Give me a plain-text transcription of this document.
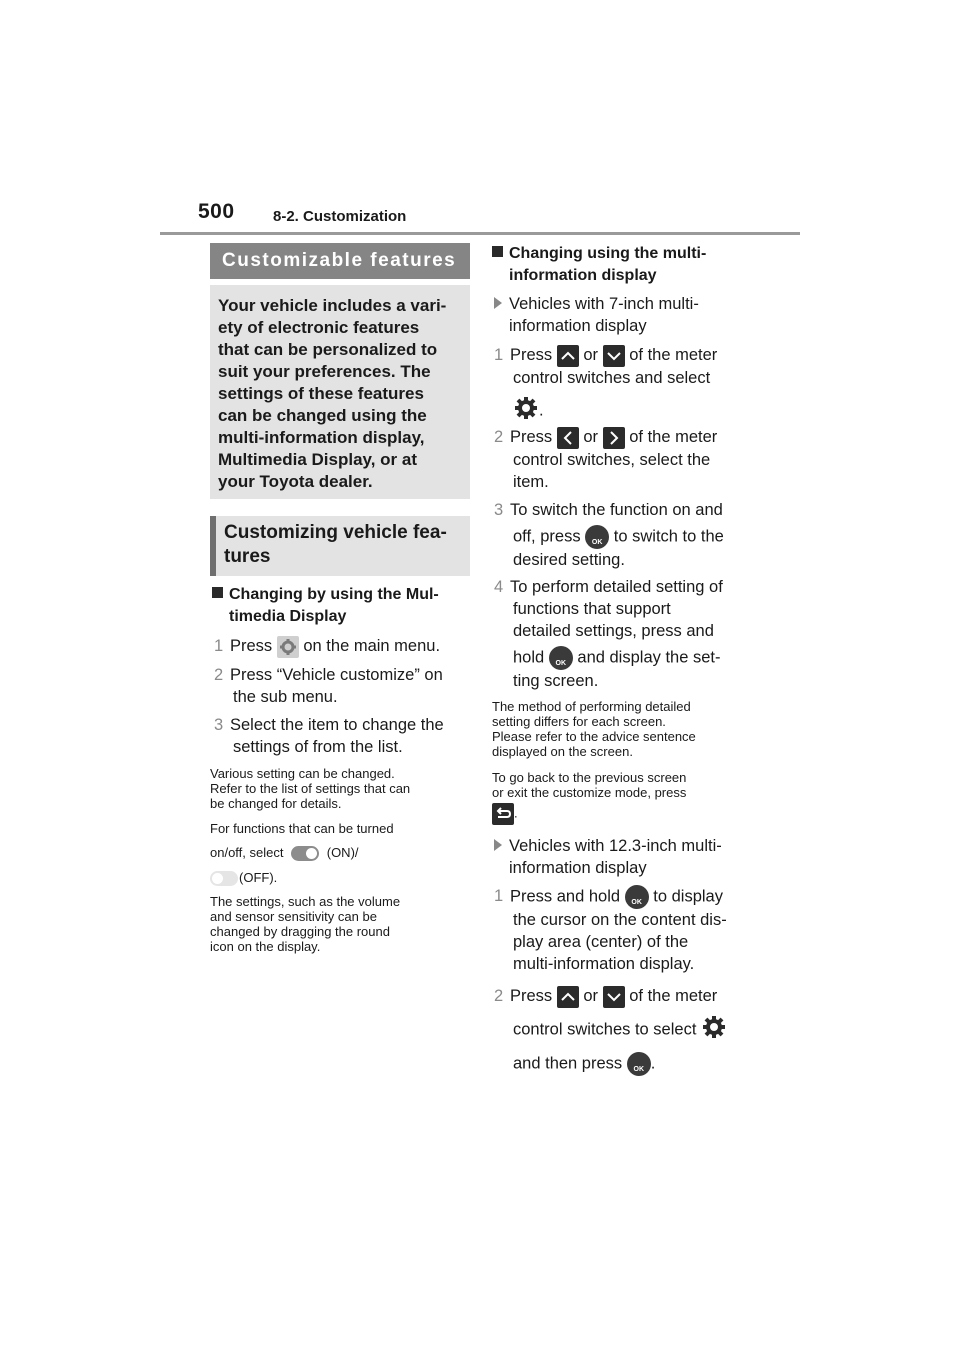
500	8-2. Customization
Customizable features
Your vehicle includes a vari-
ety of electronic features
that can be personalized to
suit your preferences. The
settings of these features
can be changed using the
multi-information display,
Multimedia Display, or at
your Toyota dealer.
Customizing vehicle fea-
tures
Changing by using the Mul-
timedia Display
1 Press on the main menu.
2 Press “Vehicle customize” on
the sub menu.
3 Select the item to change the
settings of from the list.
Various setting can be changed.
Refer to the list of settings that can
be changed for details.
For functions that can be turned
on/off, select	(ON)/
(OFF).
The settings, such as the volume
and sensor sensitivity can be
changed by dragging the round
icon on the display.
Changing using the multi-
information display
Vehicles with 7-inch multi-
information display
1 Press or of the meter
control switches and select
.
2 Press or of the meter
control switches, select the
item.
3 To switch the function on and
off, press OK to switch to the
desired setting.
4 To perform detailed setting of
functions that support
detailed settings, press and
hold OK and display the set-
ting screen.
The method of performing detailed
setting differs for each screen.
Please refer to the advice sentence
displayed on the screen.
To go back to the previous screen
or exit the customize mode, press
.
Vehicles with 12.3-inch multi-
information display
1 Press and hold OK to display
the cursor on the content dis-
play area (center) of the
multi-information display.
2 Press or of the meter
control switches to select
and then press OK .
